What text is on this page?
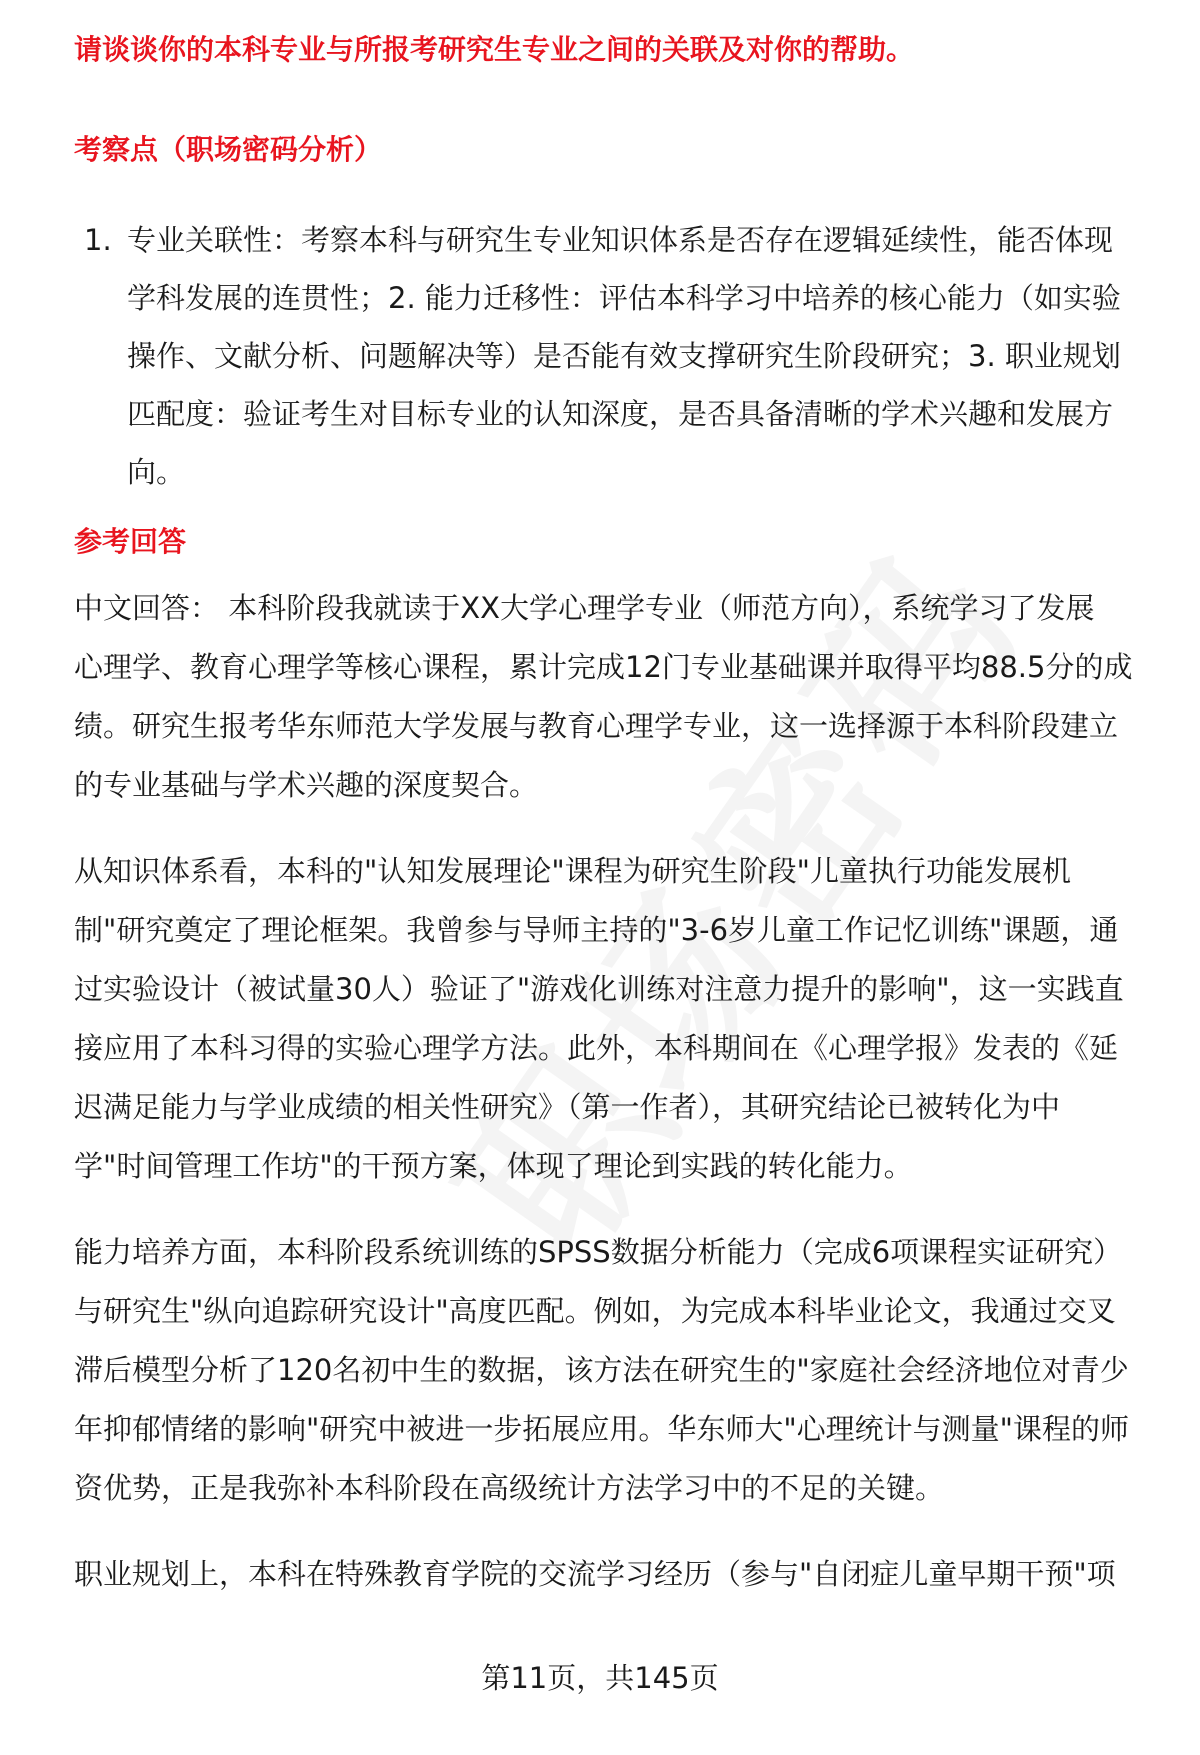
请谈谈你的本科专业与所报考研究生专业之间的关联及对你的帮助。
考察点（职场密码分析）
1. 专业关联性：考察本科与研究生专业知识体系是否存在逻辑延续性，能否体现
学科发展的连贯性；2. 能力迁移性：评估本科学习中培养的核心能力（如实验
操作、文献分析、问题解决等）是否能有效支撑研究生阶段研究；3. 职业规划
匹配度：验证考生对目标专业的认知深度，是否具备清晰的学术兴趣和发展方
向。
参考回答
中文回答： 本科阶段我就读于XX大学心理学专业（师范方向），系统学习了发展
心理学、教育心理学等核心课程，累计完成12门专业基础课并取得平均88.5分的成
绩。研究生报考华东师范大学发展与教育心理学专业，这一选择源于本科阶段建立
的专业基础与学术兴趣的深度契合。
从知识体系看，本科的"认知发展理论"课程为研究生阶段"儿童执行功能发展机
制"研究奠定了理论框架。我曾参与导师主持的"3-6岁儿童工作记忆训练"课题，通
过实验设计（被试量30人）验证了"游戏化训练对注意力提升的影响"，这一实践直
接应用了本科习得的实验心理学方法。此外，本科期间在《心理学报》发表的《延
迟满足能力与学业成绩的相关性研究》（第一作者），其研究结论已被转化为中
学"时间管理工作坊"的干预方案，体现了理论到实践的转化能力。
能力培养方面，本科阶段系统训练的SPSS数据分析能力（完成6项课程实证研究）
与研究生"纵向追踪研究设计"高度匹配。例如，为完成本科毕业论文，我通过交叉
滞后模型分析了120名初中生的数据，该方法在研究生的"家庭社会经济地位对青少
年抑郁情绪的影响"研究中被进一步拓展应用。华东师大"心理统计与测量"课程的师
资优势，正是我弥补本科阶段在高级统计方法学习中的不足的关键。
职业规划上，本科在特殊教育学院的交流学习经历（参与"自闭症儿童早期干预"项
第11页，共145页
